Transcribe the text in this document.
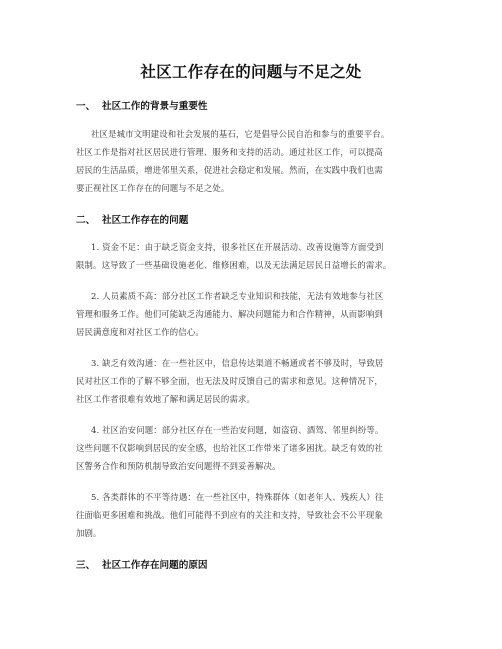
社区工作存在的问题与不足之处
一、 社区工作的背景与重要性
社区是城市文明建设和社会发展的基石，它是倡导公民自治和参与的重要平台。
社区工作是指对社区居民进行管理、服务和支持的活动。通过社区工作，可以提高
居民的生活品质，增进邻里关系，促进社会稳定和发展。然而，在实践中我们也需
要正视社区工作存在的问题与不足之处。
二、 社区工作存在的问题
1. 资金不足：由于缺乏资金支持，很多社区在开展活动、改善设施等方面受到
限制。这导致了一些基础设施老化、维修困难，以及无法满足居民日益增长的需求。
2. 人员素质不高：部分社区工作者缺乏专业知识和技能，无法有效地参与社区
管理和服务工作。他们可能缺乏沟通能力、解决问题能力和合作精神，从而影响到
居民满意度和对社区工作的信心。
3. 缺乏有效沟通：在一些社区中，信息传达渠道不畅通或者不够及时，导致居
民对社区工作的了解不够全面，也无法及时反馈自己的需求和意见。这种情况下，
社区工作者很难有效地了解和满足居民的需求。
4. 社区治安问题：部分社区存在一些治安问题，如盗窃、酒驾、邻里纠纷等。
这些问题不仅影响到居民的安全感，也给社区工作带来了诸多困扰。缺乏有效的社
区警务合作和预防机制导致治安问题得不到妥善解决。
5. 各类群体的不平等待遇：在一些社区中，特殊群体（如老年人、残疾人）往
往面临更多困难和挑战。他们可能得不到应有的关注和支持，导致社会不公平现象
加剧。
三、 社区工作存在问题的原因
